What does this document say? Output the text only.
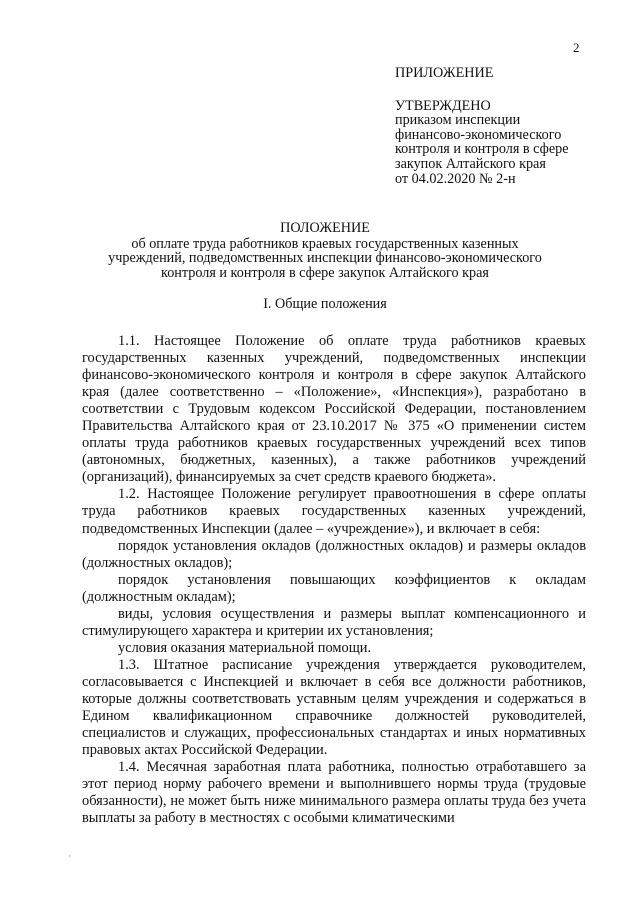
2
ПРИЛОЖЕНИЕ
УТВЕРЖДЕНО
приказом инспекции
финансово-экономического
контроля и контроля в сфере
закупок Алтайского края
от 04.02.2020 № 2-н
ПОЛОЖЕНИЕ
об оплате труда работников краевых государственных казенных
учреждений, подведомственных инспекции финансово-экономического
контроля и контроля в сфере закупок Алтайского края
I. Общие положения

1.1. Настоящее Положение об оплате труда работников краевых государственных казенных учреждений, подведомственных инспекции финансово-экономического контроля и контроля в сфере закупок Алтайского края (далее соответственно – «Положение», «Инспекция»), разработано в соответствии с Трудовым кодексом Российской Федерации, постановлением Правительства Алтайского края от 23.10.2017 № 375 «О применении систем оплаты труда работников краевых государственных учреждений всех типов (автономных, бюджетных, казенных), а также работников учреждений (организаций), финансируемых за счет средств краевого бюджета».

1.2. Настоящее Положение регулирует правоотношения в сфере оплаты труда работников краевых государственных казенных учреждений, подведомственных Инспекции (далее – «учреждение»), и включает в себя:

порядок установления окладов (должностных окладов) и размеры окладов (должностных окладов);

порядок установления повышающих коэффициентов к окладам (должностным окладам);

виды, условия осуществления и размеры выплат компенсационного и стимулирующего характера и критерии их установления;

условия оказания материальной помощи.

1.3. Штатное расписание учреждения утверждается руководителем, согласовывается с Инспекцией и включает в себя все должности работников, которые должны соответствовать уставным целям учреждения и содержаться в Едином квалификационном справочнике должностей руководителей, специалистов и служащих, профессиональных стандартах и иных нормативных правовых актах Российской Федерации.

1.4. Месячная заработная плата работника, полностью отработавшего за этот период норму рабочего времени и выполнившего нормы труда (трудовые обязанности), не может быть ниже минимального размера оплаты труда без учета выплаты за работу в местностях с особыми климатическими

·
